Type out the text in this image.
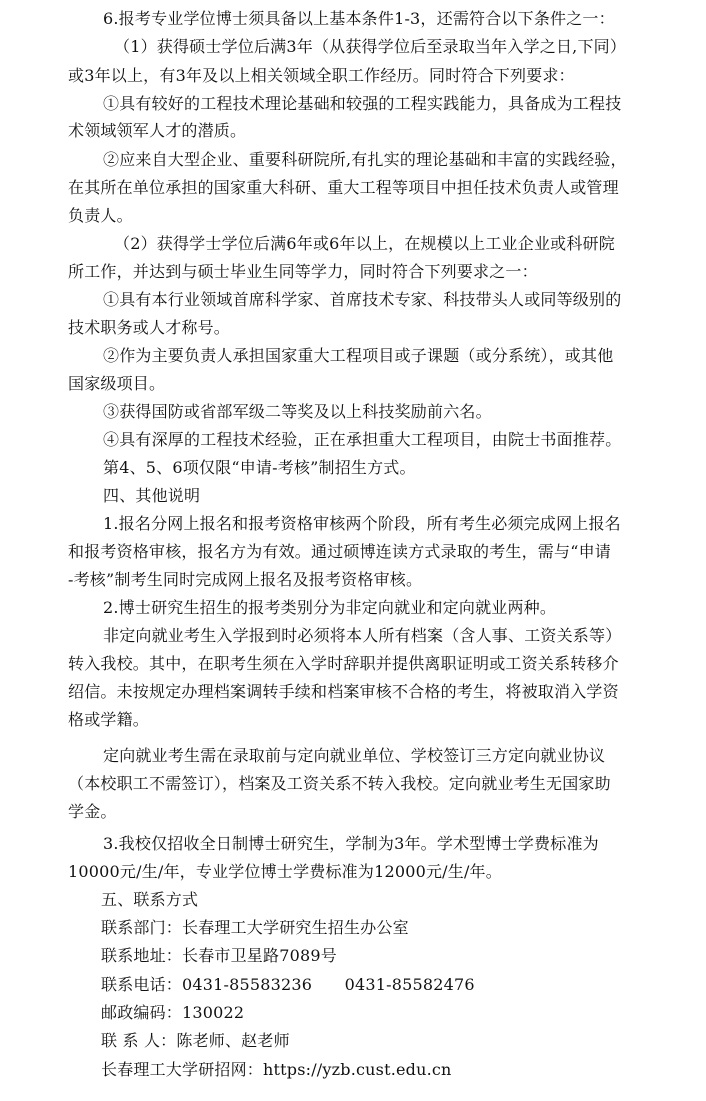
6.报考专业学位博士须具备以上基本条件1-3，还需符合以下条件之一：

（1）获得硕士学位后满3年（从获得学位后至录取当年入学之日,下同）

或3年以上，有3年及以上相关领域全职工作经历。同时符合下列要求：

①具有较好的工程技术理论基础和较强的工程实践能力，具备成为工程技

术领域领军人才的潜质。

②应来自大型企业、重要科研院所,有扎实的理论基础和丰富的实践经验，

在其所在单位承担的国家重大科研、重大工程等项目中担任技术负责人或管理

负责人。

（2）获得学士学位后满6年或6年以上，在规模以上工业企业或科研院

所工作，并达到与硕士毕业生同等学力，同时符合下列要求之一：

①具有本行业领域首席科学家、首席技术专家、科技带头人或同等级别的

技术职务或人才称号。

②作为主要负责人承担国家重大工程项目或子课题（或分系统），或其他

国家级项目。

③获得国防或省部军级二等奖及以上科技奖励前六名。

④具有深厚的工程技术经验，正在承担重大工程项目，由院士书面推荐。

第4、5、6项仅限“申请-考核”制招生方式。

四、其他说明

1.报名分网上报名和报考资格审核两个阶段，所有考生必须完成网上报名

和报考资格审核，报名方为有效。通过硕博连读方式录取的考生，需与“申请

-考核”制考生同时完成网上报名及报考资格审核。

2.博士研究生招生的报考类别分为非定向就业和定向就业两种。

非定向就业考生入学报到时必须将本人所有档案（含人事、工资关系等）

转入我校。其中，在职考生须在入学时辞职并提供离职证明或工资关系转移介

绍信。未按规定办理档案调转手续和档案审核不合格的考生，将被取消入学资

格或学籍。

定向就业考生需在录取前与定向就业单位、学校签订三方定向就业协议

（本校职工不需签订），档案及工资关系不转入我校。定向就业考生无国家助

学金。

3.我校仅招收全日制博士研究生，学制为3年。学术型博士学费标准为

10000元/生/年，专业学位博士学费标准为12000元/生/年。

五、联系方式

联系部门：长春理工大学研究生招生办公室

联系地址：长春市卫星路7089号

联系电话：0431-85583236　　0431-85582476

邮政编码：130022

联 系 人：陈老师、赵老师

长春理工大学研招网：https://yzb.cust.edu.cn
